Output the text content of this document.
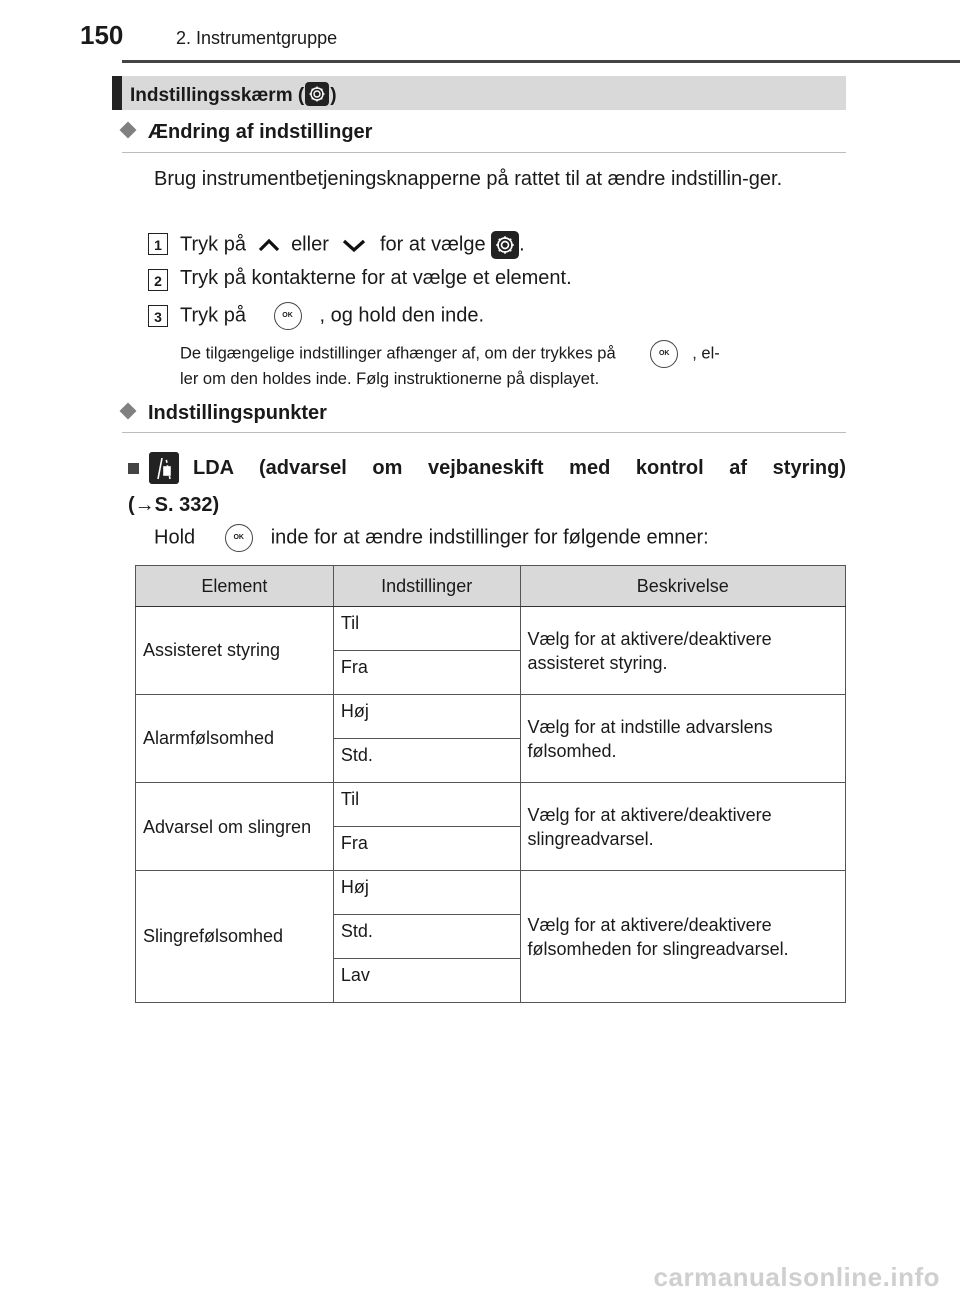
150	2. Instrumentgruppe
Indstillingsskærm ( )
Ændring af indstillinger
Brug instrumentbetjeningsknapperne på rattet til at ændre indstillin-ger.
1 Tryk på eller	for at vælge .
2 Tryk på kontakterne for at vælge et element.
3 Tryk på	OK , og hold den inde.
De tilgængelige indstillinger afhænger af, om der trykkes på	OK , el-
ler om den holdes inde. Følg instruktionerne på displayet.
Indstillingspunkter
LDA (advarsel om vejbaneskift med kontrol af styring)
(→S. 332)
Hold	OK inde for at ændre indstillinger for følgende emner:
Element	Indstillinger	Beskrivelse
Assisteret styring	Til	Vælg for at aktivere/deaktivere assisteret styring.
	Fra	
Alarmfølsomhed	Høj	Vælg for at indstille advarslens følsomhed.
	Std.	
Advarsel om slingren	Til	Vælg for at aktivere/deaktivere slingreadvarsel.
	Fra	
Slingrefølsomhed	Høj	Vælg for at aktivere/deaktivere følsomheden for slingreadvarsel.
	Std.	
	Lav	
carmanualsonline.info
